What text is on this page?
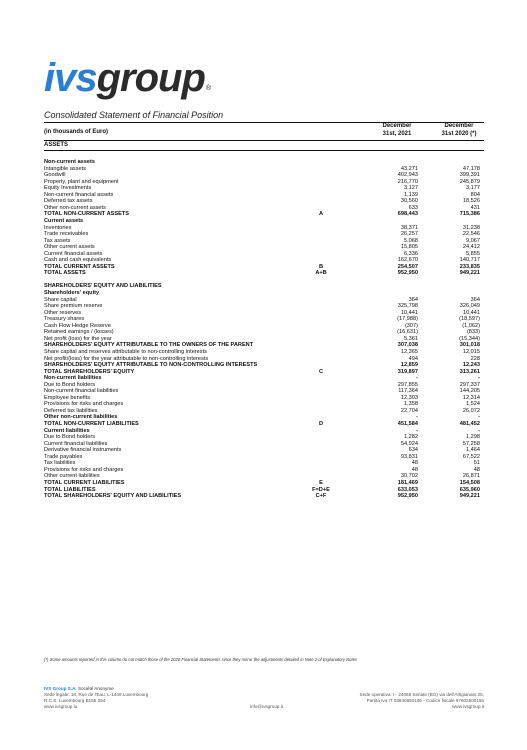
ivs group ®
Consolidated Statement of Financial Position
(in thousands of Euro)
December
31st, 2021
December
31st 2020 (*)
ASSETS
Non-current assets
Intangible assets	43,271	47,178
Goodwill	402,943	399,391
Property, plant and equipment	216,770	245,879
Equity Investments	3,127	3,177
Non-current financial assets	1,139	804
Deferred tax assets	30,560	18,526
Other non-current assets	633	431
TOTAL NON-CURRENT ASSETS	A	698,443	715,386
Current assets
Inventories	38,371	31,238
Trade receivables	26,257	22,546
Tax assets	5,068	9,067
Other current assets	15,805	24,412
Current financial assets	6,336	5,855
Cash and cash equivalents	162,670	140,717
TOTAL CURRENT ASSETS	B	254,507	233,835
TOTAL ASSETS	A+B	952,950	949,221
SHAREHOLDERS' EQUITY AND LIABILITIES
Shareholders' equity
Share capital	364	364
Share premium reserve	325,798	326,049
Other reserves	10,441	10,441
Treasury shares	(17,988)	(18,597)
Cash Flow Hedge Reserve	(307)	(1,062)
Retained earnings / (losses)	(16,631)	(833)
Net profit (loss) for the year	5,361	(15,344)
SHAREHOLDERS' EQUITY ATTRIBUTABLE TO THE OWNERS OF THE PARENT	307,038	301,018
Share capital and reserves attributable to non-controlling interests	12,365	12,015
Net profit/(loss) for the year attributable to non-controlling interests	494	228
SHAREHOLDERS' EQUITY ATTRIBUTABLE TO NON-CONTROLLING INTERESTS	12,859	12,243
TOTAL SHAREHOLDERS' EQUITY	C	319,897	313,261
Non-current liabilities	-	-
Due to Bond holders	297,855	297,337
Non-current financial liabilities	117,364	144,205
Employee benefits	12,303	12,314
Provisions for risks and charges	1,358	1,524
Deferred tax liabilities	22,704	26,072
Other non-current liabilities	-	-
TOTAL NON-CURRENT LIABILITIES	D	451,584	481,452
Current liabilities	-	-
Due to Bond holders	1,282	1,298
Current financial liabilities	54,924	57,258
Derivative financial instruments	634	1,464
Trade payables	93,831	67,522
Tax liabilities	48	51
Provisions for risks and charges	48	48
Other current liabilities	30,702	26,871
TOTAL CURRENT LIABILITIES	E	181,469	154,508
TOTAL LIABILITIES	F=D+E	633,053	635,960
TOTAL SHAREHOLDERS' EQUITY AND LIABILITIES	C+F	952,950	949,221
(*) Some amounts reported in this column do not match those of the 2020 Financial Statements since they mirror the adjustments detailed in Note 2 of Explanatory Notes
IVS Group S.A. Société Anonyme
Sede legale: 18, Rue de l'Eau, L-1449 Luxembourg
R.C.S. Luxembourg B155 294
www.ivsgroup.lu	info@ivsgroup.it
Sede operativa: I - 24068 Seriate (BG) via dell'Artigianato 25,
Partita Iva IT 03840650166 - Codice fiscale 97602500155
www.ivsgroup.it
